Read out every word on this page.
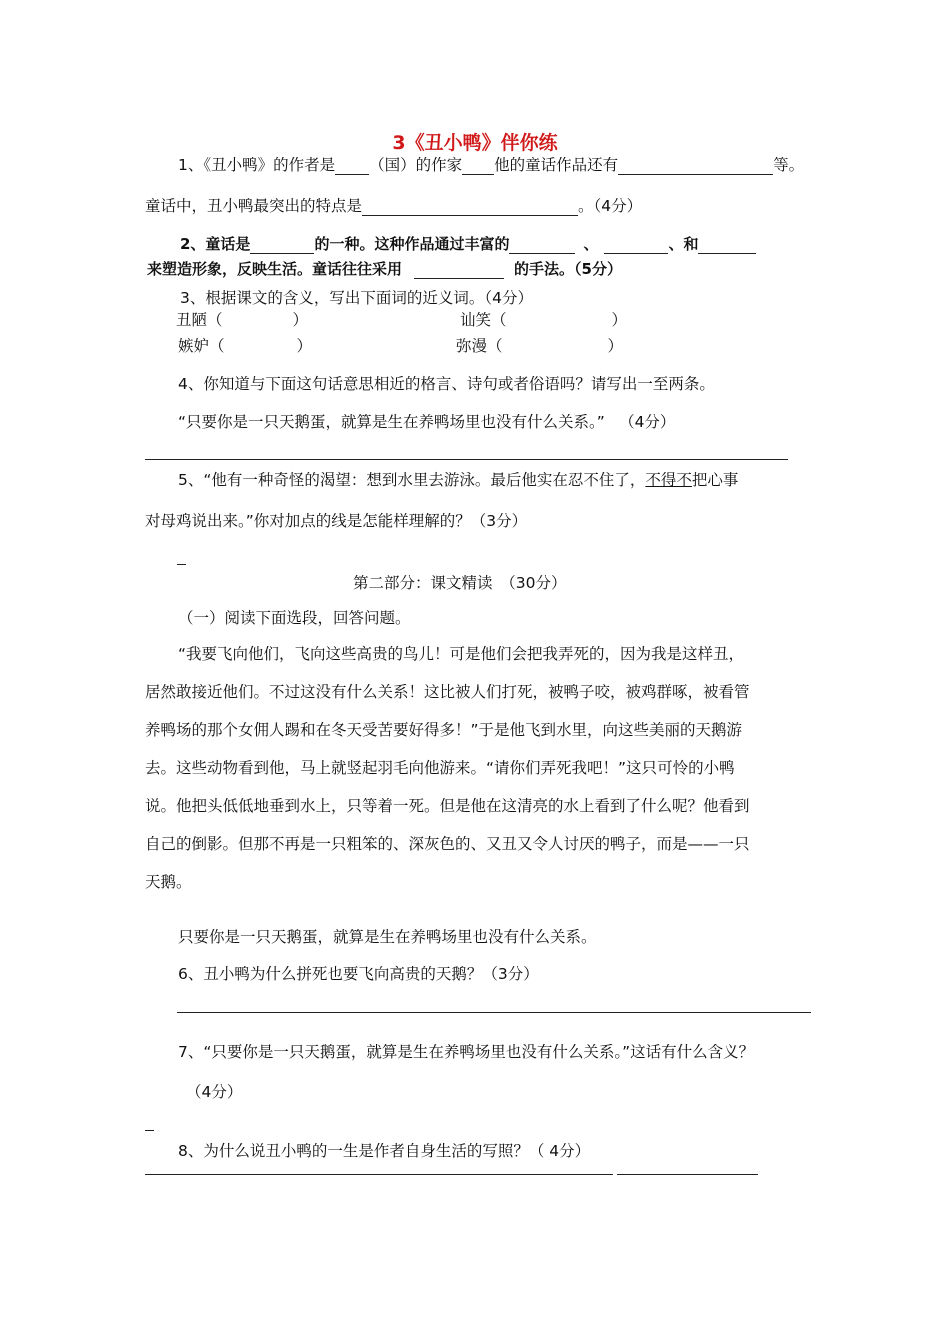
3《丑小鸭》伴你练
1、《丑小鸭》的作者是 （国）的作家 他的童话作品还有	等。
童话中，丑小鸭最突出的特点是	。（4分）
2、童话是	的一种。这种作品通过丰富的	、	、和
来塑造形象，反映生活。童话往往采用	的手法。（5分）
3、根据课文的含义，写出下面词的近义词。（4分）
丑陋（	）	讪笑（	）
嫉妒（	）	弥漫（	）
4、你知道与下面这句话意思相近的格言、诗句或者俗语吗？请写出一至两条。
“只要你是一只天鹅蛋，就算是生在养鸭场里也没有什么关系。” （4分）
5、“他有一种奇怪的渴望：想到水里去游泳。最后他实在忍不住了，不得不把心事
对母鸡说出来。”你对加点的线是怎能样理解的？（3分）
第二部分：课文精读　（30分）
（一）阅读下面选段，回答问题。
“我要飞向他们，飞向这些高贵的鸟儿！可是他们会把我弄死的，因为我是这样丑，
居然敢接近他们。不过这没有什么关系！这比被人们打死，被鸭子咬，被鸡群啄，被看管
养鸭场的那个女佣人踢和在冬天受苦要好得多！”于是他飞到水里，向这些美丽的天鹅游
去。这些动物看到他，马上就竖起羽毛向他游来。“请你们弄死我吧！”这只可怜的小鸭
说。他把头低低地垂到水上，只等着一死。但是他在这清亮的水上看到了什么呢？他看到
自己的倒影。但那不再是一只粗笨的、深灰色的、又丑又令人讨厌的鸭子，而是——一只
天鹅。
只要你是一只天鹅蛋，就算是生在养鸭场里也没有什么关系。
6、丑小鸭为什么拼死也要飞向高贵的天鹅？（3分）
7、“只要你是一只天鹅蛋，就算是生在养鸭场里也没有什么关系。”这话有什么含义？
（4分）
8、为什么说丑小鸭的一生是作者自身生活的写照？（ 4分）
